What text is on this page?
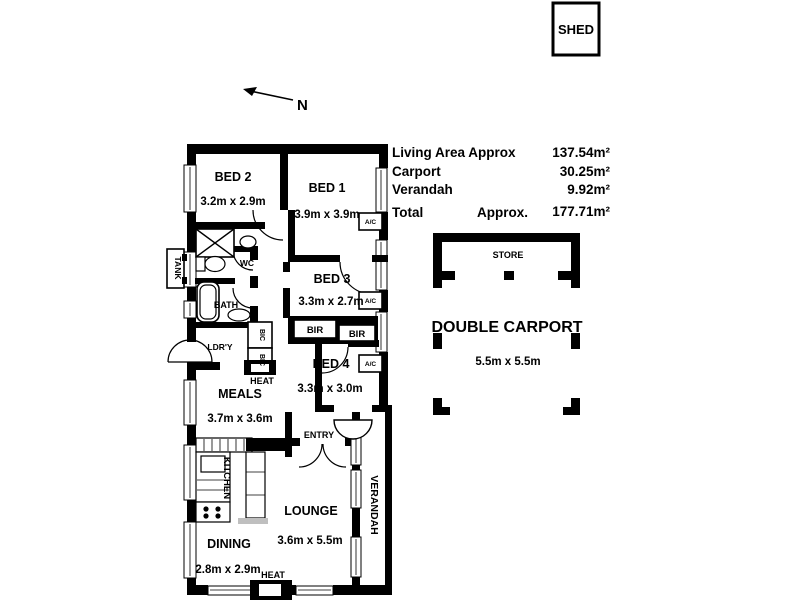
SHED
N
Living Area Approx	137.54m²
Carport	30.25m²
Verandah	9.92m²
Total	Approx. 177.71m²
STORE
DOUBLE CARPORT
5.5m x 5.5m
BED 2
3.2m x 2.9m
BED 1
3.9m x 3.9m
BED 3
3.3m x 2.7m
BED 4
3.3m x 3.0m
MEALS
3.7m x 3.6m
LOUNGE
3.6m x 5.5m
DINING
2.8m x 2.9m
ENTRY
KITCHEN	VERANDAH
WC
BATH
LDR'Y
TANK
BIR	BIR
BIC
BIC
HEAT
HEAT
A/C
A/C
A/C
